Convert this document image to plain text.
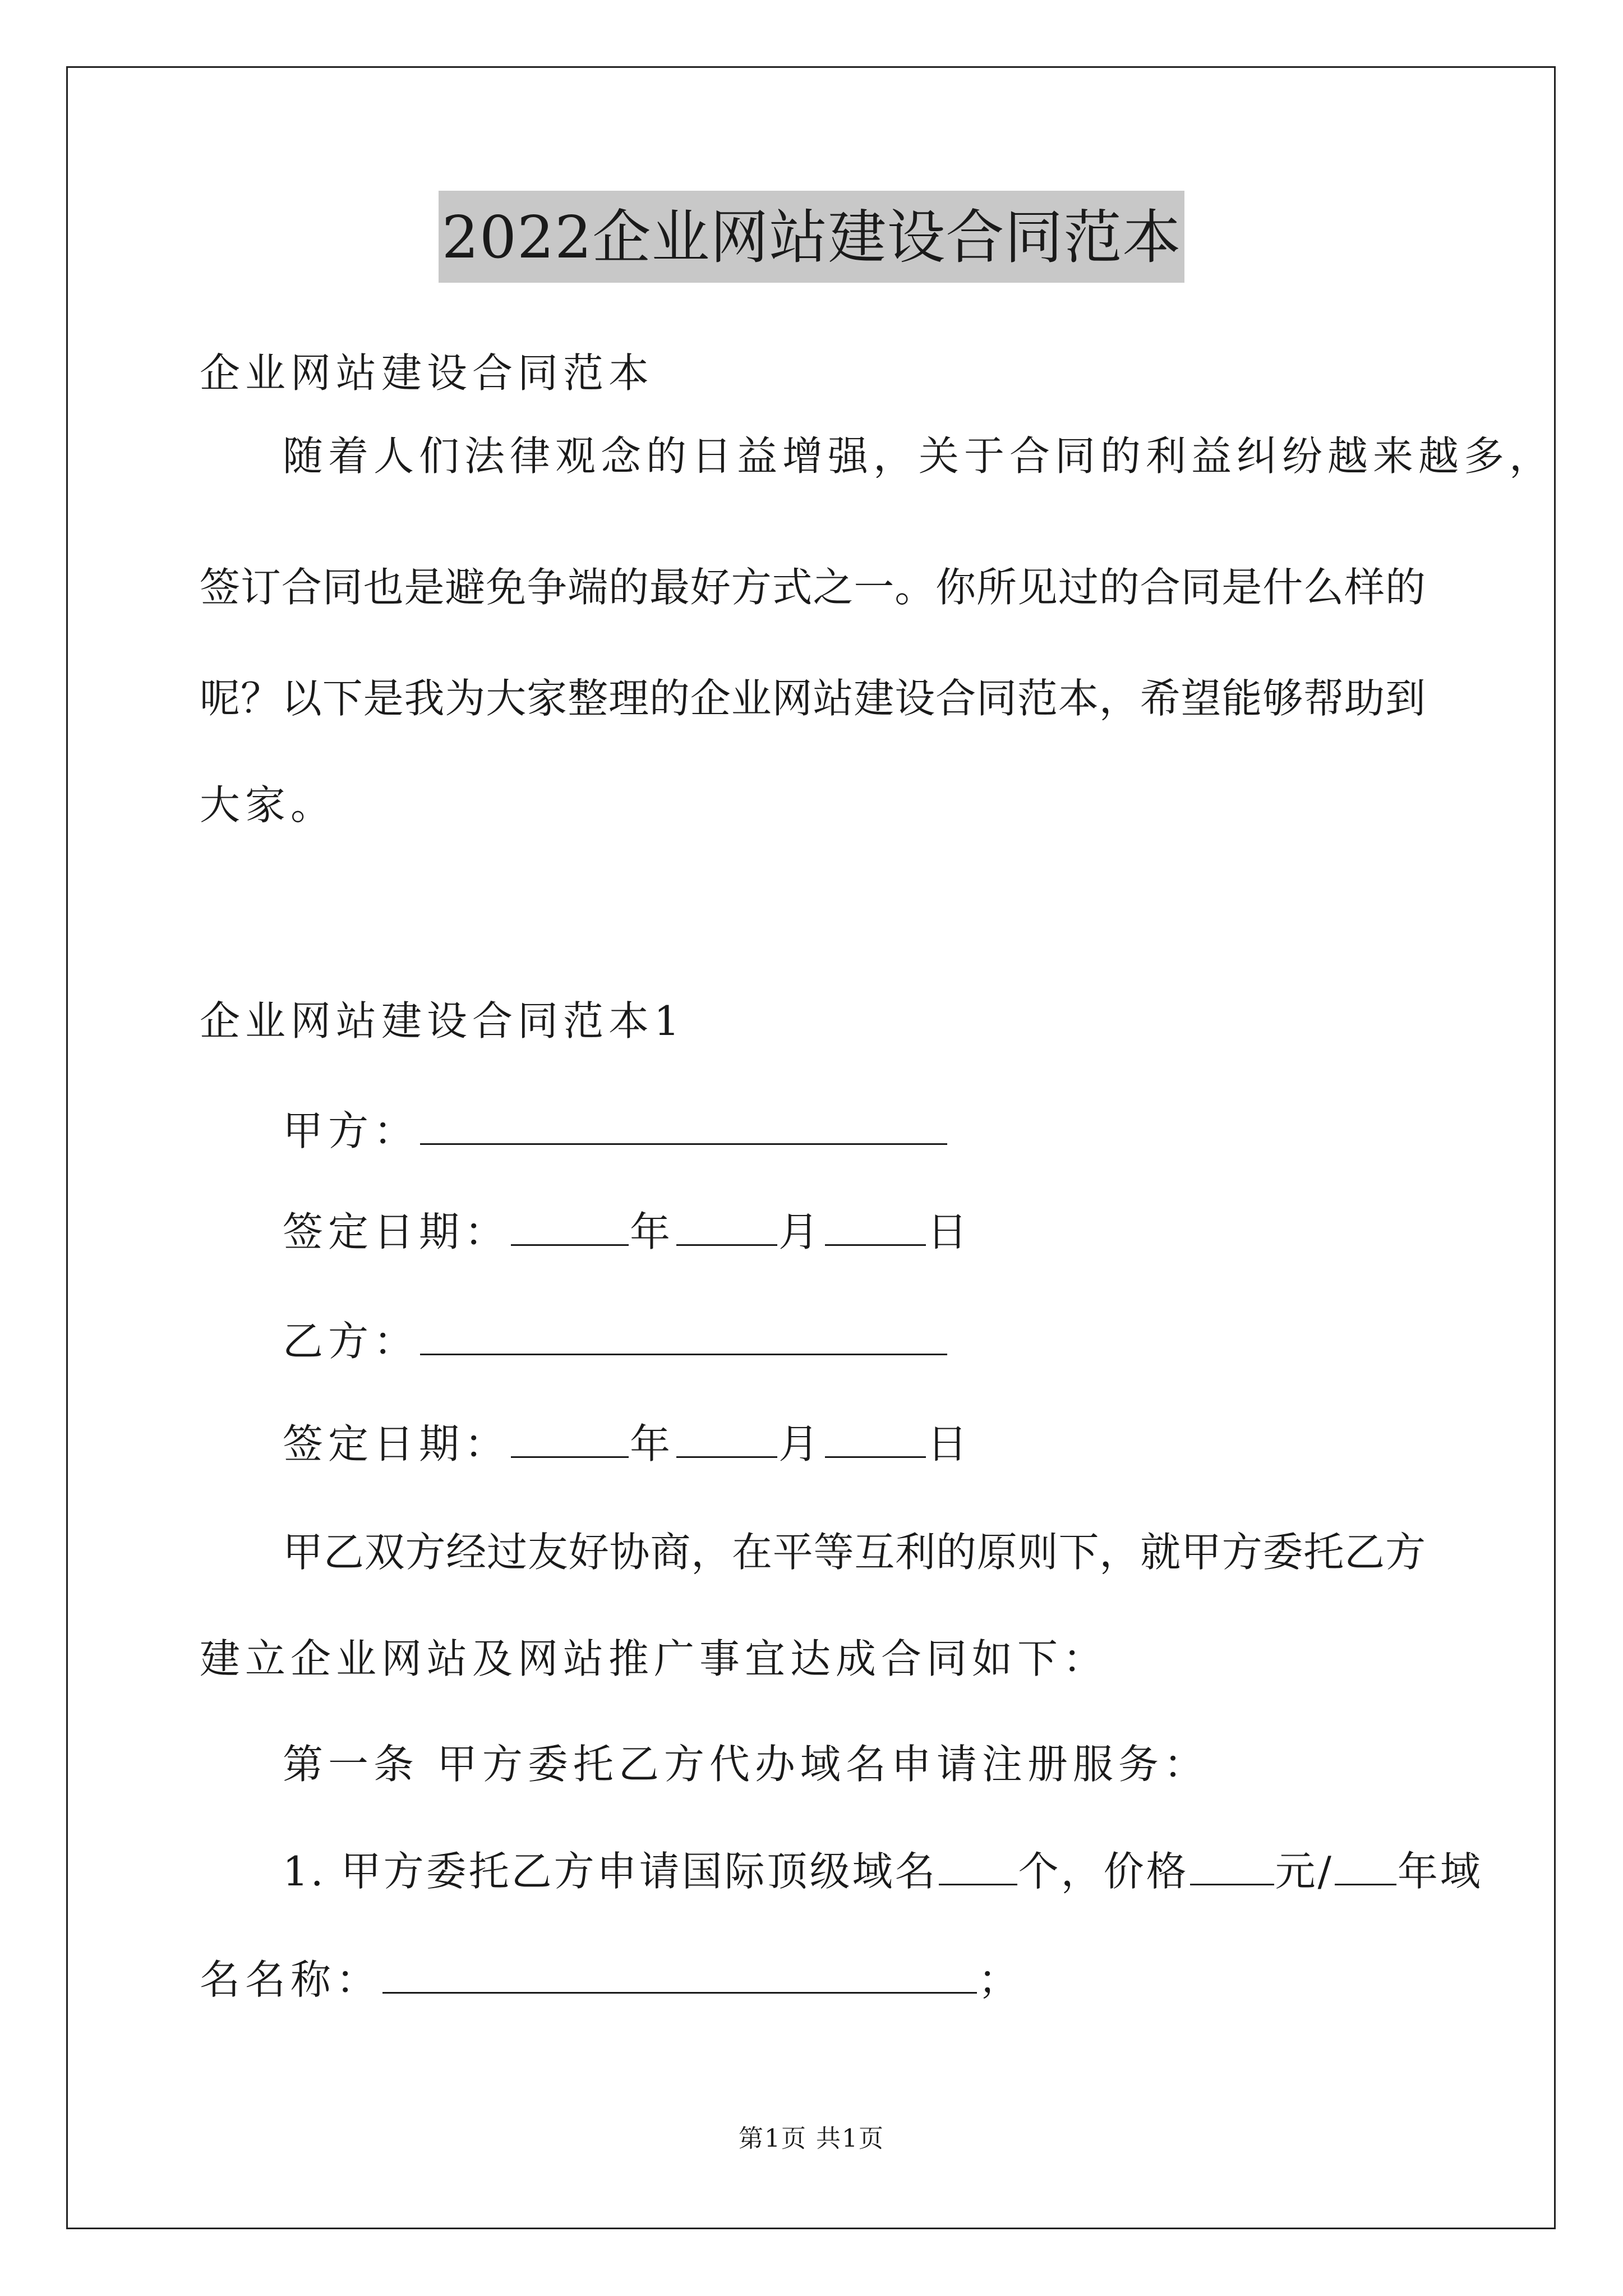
2022企业网站建设合同范本
企业网站建设合同范本
随着人们法律观念的日益增强，关于合同的利益纠纷越来越多，
签订合同也是避免争端的最好方式之一。你所见过的合同是什么样的
呢？以下是我为大家整理的企业网站建设合同范本，希望能够帮助到
大家。
企业网站建设合同范本1
甲方：
签定日期：	年	月	日
乙方：
签定日期：	年	月	日
甲乙双方经过友好协商，在平等互利的原则下，就甲方委托乙方
建立企业网站及网站推广事宜达成合同如下：
第一条 甲方委托乙方代办域名申请注册服务：
1. 甲方委托乙方申请国际顶级域名 个，价格 元/ 年域
名名称：	；
第1页 共1页
